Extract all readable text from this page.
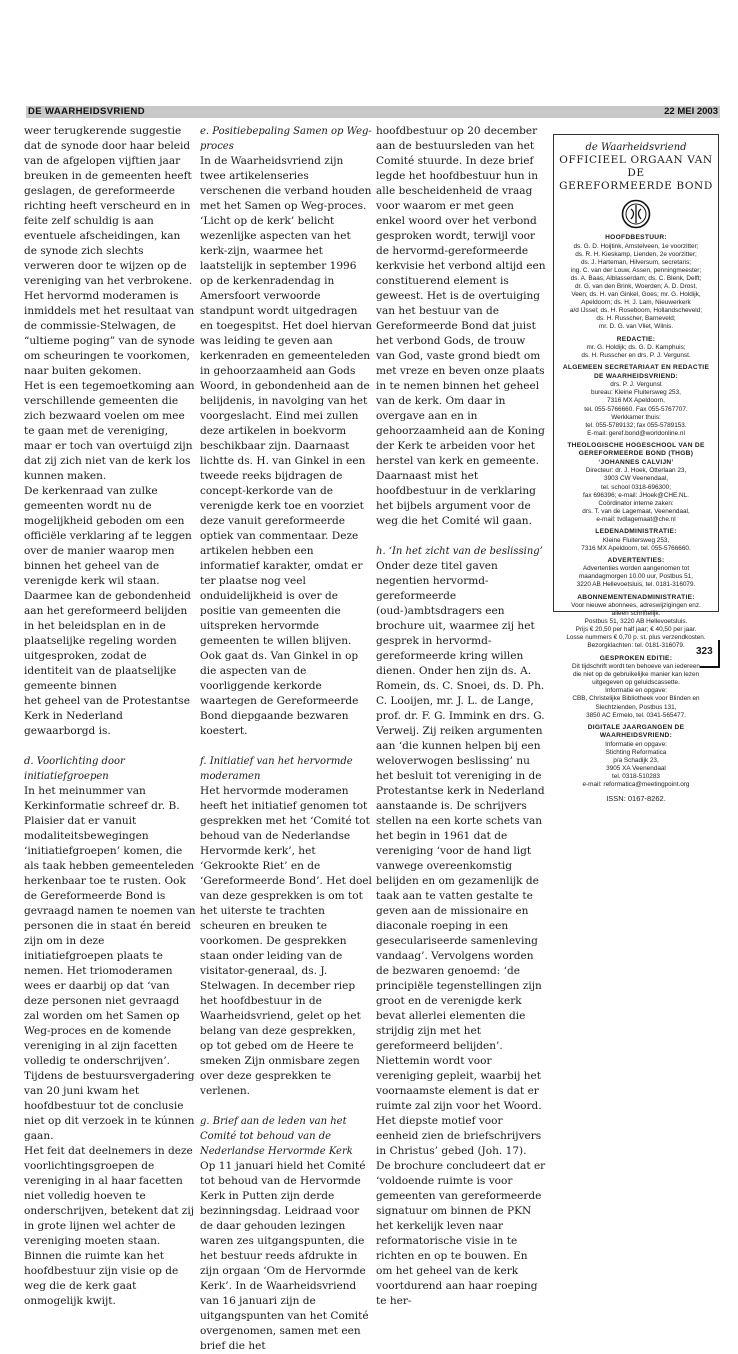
DE WAARHEIDSVRIEND	22 MEI 2003

weer terugkerende suggestie dat de synode door haar beleid van de afgelopen vijftien jaar breuken in de gemeenten heeft geslagen, de gereformeerde richting heeft verscheurd en in feite zelf schuldig is aan eventuele afscheidingen, kan de synode zich slechts verweren door te wijzen op de vereniging van het verbrokene.

Het hervormd moderamen is inmiddels met het resultaat van de commissie-Stelwagen, de “ultieme poging” van de synode om scheuringen te voorkomen, naar buiten gekomen.

Het is een tegemoetkoming aan verschillende gemeenten die zich bezwaard voelen om mee te gaan met de vereniging, maar er toch van overtuigd zijn dat zij zich niet van de kerk los kunnen maken.

De kerkenraad van zulke gemeenten wordt nu de mogelijkheid geboden om een officiële verklaring af te leggen over de manier waarop men binnen het geheel van de verenigde kerk wil staan. Daarmee kan de gebondenheid aan het gereformeerd belijden in het beleidsplan en in de plaatselijke regeling worden uitgesproken, zodat de identiteit van de plaatselijke gemeente binnen

het geheel van de Protestantse Kerk in Nederland gewaarborgd is.

d. Voorlichting door initiatiefgroepen

In het meinummer van Kerkinformatie schreef dr. B. Plaisier dat er vanuit modaliteitsbewegingen ‘initiatiefgroepen’ komen, die als taak hebben gemeenteleden herkenbaar toe te rusten. Ook de Gereformeerde Bond is gevraagd namen te noemen van personen die in staat én bereid zijn om in deze initiatiefgroepen plaats te nemen. Het triomoderamen wees er daarbij op dat ‘van deze personen niet gevraagd zal worden om het Samen op Weg-proces en de komende vereniging in al zijn facetten volledig te onderschrijven’.

Tijdens de bestuursvergadering van 20 juni kwam het hoofdbestuur tot de conclusie niet op dit verzoek in te kúnnen gaan.

Het feit dat deelnemers in deze voorlichtingsgroepen de vereniging in al haar facetten niet volledig hoeven te onderschrijven, betekent dat zij in grote lijnen wel achter de vereniging moeten staan. Binnen die ruimte kan het hoofdbestuur zijn visie op de weg die de kerk gaat onmogelijk kwijt.

e. Positiebepaling Samen op Weg-proces

In de Waarheidsvriend zijn twee artikelenseries verschenen die verband houden met het Samen op Weg-proces. ‘Licht op de kerk’ belicht wezenlijke aspecten van het kerk-zijn, waarmee het laatstelijk in september 1996 op de kerkenradendag in Amersfoort verwoorde standpunt wordt uitgedragen en toegespitst. Het doel hiervan was leiding te geven aan kerkenraden en gemeenteleden in gehoorzaamheid aan Gods Woord, in gebondenheid aan de belijdenis, in navolging van het voorgeslacht. Eind mei zullen deze artikelen in boekvorm beschikbaar zijn. Daarnaast lichtte ds. H. van Ginkel in een tweede reeks bijdragen de concept-kerkorde van de verenigde kerk toe en voorziet deze vanuit gereformeerde optiek van commentaar. Deze artikelen hebben een informatief karakter, omdat er ter plaatse nog veel onduidelijkheid is over de positie van gemeenten die uitspreken hervormde gemeenten te willen blijven. Ook gaat ds. Van Ginkel in op die aspecten van de voorliggende kerkorde waartegen de Gereformeerde Bond diepgaande bezwaren koestert.

f. Initiatief van het hervormde moderamen

Het hervormde moderamen heeft het initiatief genomen tot gesprekken met het ‘Comité tot behoud van de Nederlandse Hervormde kerk’, het ‘Gekrookte Riet’ en de ‘Gereformeerde Bond’. Het doel van deze gesprekken is om tot het uiterste te trachten scheuren en breuken te voorkomen. De gesprekken staan onder leiding van de visitator-generaal, ds. J. Stelwagen. In december riep het hoofdbestuur in de Waarheidsvriend, gelet op het belang van deze gesprekken, op tot gebed om de Heere te smeken Zijn onmisbare zegen over deze gesprekken te verlenen.

g. Brief aan de leden van het Comité tot behoud van de Nederlandse Hervormde Kerk

Op 11 januari hield het Comité tot behoud van de Hervormde Kerk in Putten zijn derde bezinningsdag. Leidraad voor de daar gehouden lezingen waren zes uitgangspunten, die het bestuur reeds afdrukte in zijn orgaan ‘Om de Hervormde Kerk’. In de Waarheidsvriend van 16 januari zijn de uitgangspunten van het Comité overgenomen, samen met een brief die het

hoofdbestuur op 20 december aan de bestuursleden van het Comité stuurde. In deze brief legde het hoofdbestuur hun in alle bescheidenheid de vraag voor waarom er met geen enkel woord over het verbond gesproken wordt, terwijl voor de hervormd-gereformeerde kerkvisie het verbond altijd een constituerend element is geweest. Het is de overtuiging van het bestuur van de Gereformeerde Bond dat juist het verbond Gods, de trouw van God, vaste grond biedt om met vreze en beven onze plaats in te nemen binnen het geheel van de kerk. Om daar in overgave aan en in gehoorzaamheid aan de Koning der Kerk te arbeiden voor het herstel van kerk en gemeente. Daarnaast mist het hoofdbestuur in de verklaring het bijbels argument voor de weg die het Comité wil gaan.

h. ‘In het zicht van de beslissing’

Onder deze titel gaven negentien hervormd-gereformeerde (oud-)ambtsdragers een brochure uit, waarmee zij het gesprek in hervormd-gereformeerde kring willen dienen. Onder hen zijn ds. A. Romein, ds. C. Snoei, ds. D. Ph. C. Looijen, mr. J. L. de Lange, prof. dr. F. G. Immink en drs. G. Verweij. Zij reiken argumenten aan ‘die kunnen helpen bij een weloverwogen beslissing’ nu het besluit tot vereniging in de Protestantse kerk in Nederland aanstaande is. De schrijvers stellen na een korte schets van het begin in 1961 dat de vereniging ‘voor de hand ligt vanwege overeenkomstig belijden en om gezamenlijk de taak aan te vatten gestalte te geven aan de missionaire en diaconale roeping in een geseculariseerde samenleving vandaag’. Vervolgens worden de bezwaren genoemd: ‘de principiële tegenstellingen zijn groot en de verenigde kerk bevat allerlei elementen die strijdig zijn met het gereformeerd belijden’. Niettemin wordt voor vereniging gepleit, waarbij het voornaamste element is dat er ruimte zal zijn voor het Woord. Het diepste motief voor eenheid zien de briefschrijvers in Christus’ gebed (Joh. 17).

De brochure concludeert dat er ‘voldoende ruimte is voor gemeenten van gereformeerde signatuur om binnen de PKN het kerkelijk leven naar reformatorische visie in te richten en op te bouwen. En om het geheel van de kerk voortdurend aan haar roeping te her-

de Waarheidsvriend
OFFICIEEL ORGAAN VAN DE
GEREFORMEERDE BOND
HOOFDBESTUUR:
ds. G. D. Hoijtink, Amstelveen, 1e voorzitter;
ds. R. H. Kieskamp, Lienden, 2e voorzitter;
ds. J. Harteman, Hilversum, secretaris;
ing. C. van der Louw, Assen, penningmeester;
ds. A. Baas, Alblasserdam; ds. C. Blenk, Delft;
dr. G. van den Brink, Woerden; A. D. Drost,
Veen; ds. H. van Ginkel, Goes; mr. G. Holdijk,
Apeldoorn; ds. H. J. Lam, Nieuwerkerk
a/d IJssel; ds. H. Roseboom, Hollandscheveld;
ds. H. Russcher, Barneveld;
mr. D. G. van Vliet, Wilnis.
REDACTIE:
mr. G. Holdijk; ds. G. D. Kamphuis;
ds. H. Russcher en drs. P. J. Vergunst.
ALGEMEEN SECRETARIAAT EN REDACTIE DE WAARHEIDSVRIEND:
drs. P. J. Vergunst
bureau: Kleine Fluitersweg 253,
7316 MX Apeldoorn,
tel. 055-5766660. Fax 055-5767707.
Werkkamer thuis:
tel. 055-5789132; fax 055-5789153.
E-mail: geref.bond@worldonline.nl
THEOLOGISCHE HOGESCHOOL VAN DE GEREFORMEERDE BOND (THGB) ‘JOHANNES CALVIJN’
Directeur: dr. J. Hoek, Otterlaan 23,
3903 CW Veenendaal,
tel. school 0318-696300;
fax 696396; e-mail: JHoek@CHE.NL.
Coördinator interne zaken:
drs. T. van de Lagemaat, Veenendaal,
e-mail: tvdlagemaat@che.nl
LEDENADMINISTRATIE:
Kleine Fluitersweg 253,
7316 MX Apeldoorn, tel. 055-5766660.
ADVERTENTIES:
Advertenties worden aangenomen tot
maandagmorgen 10.00 uur, Postbus 51,
3220 AB Hellevoetsluis, tel. 0181-316079.
ABONNEMENTENADMINISTRATIE:
Voor nieuwe abonnees, adreswijzigingen enz.
alleen schriftelijk:
Postbus 51, 3220 AB Hellevoetsluis.
Prijs € 20,50 per half jaar; € 40,50 per jaar.
Losse nummers € 0,70 p. st. plus verzendkosten. Bezorgklachten: tel. 0181-316079.
GESPROKEN EDITIE:
Dit tijdschrift wordt ten behoeve van iedereen
die niet op de gebruikelijke manier kan lezen
uitgegeven op geluidscassette.
Informatie en opgave:
CBB, Christelijke Bibliotheek voor Blinden en
Slechtzienden, Postbus 131,
3850 AC Ermelo, tel. 0341-565477.
DIGITALE JAARGANGEN DE WAARHEIDSVRIEND:
Informatie en opgave:
Stichting Reformatica
p/a Schadijk 23,
3905 XA Veenendaal
tel. 0318-510283
e-mail: reformatica@meetingpoint.org
ISSN: 0167-8262.
323
